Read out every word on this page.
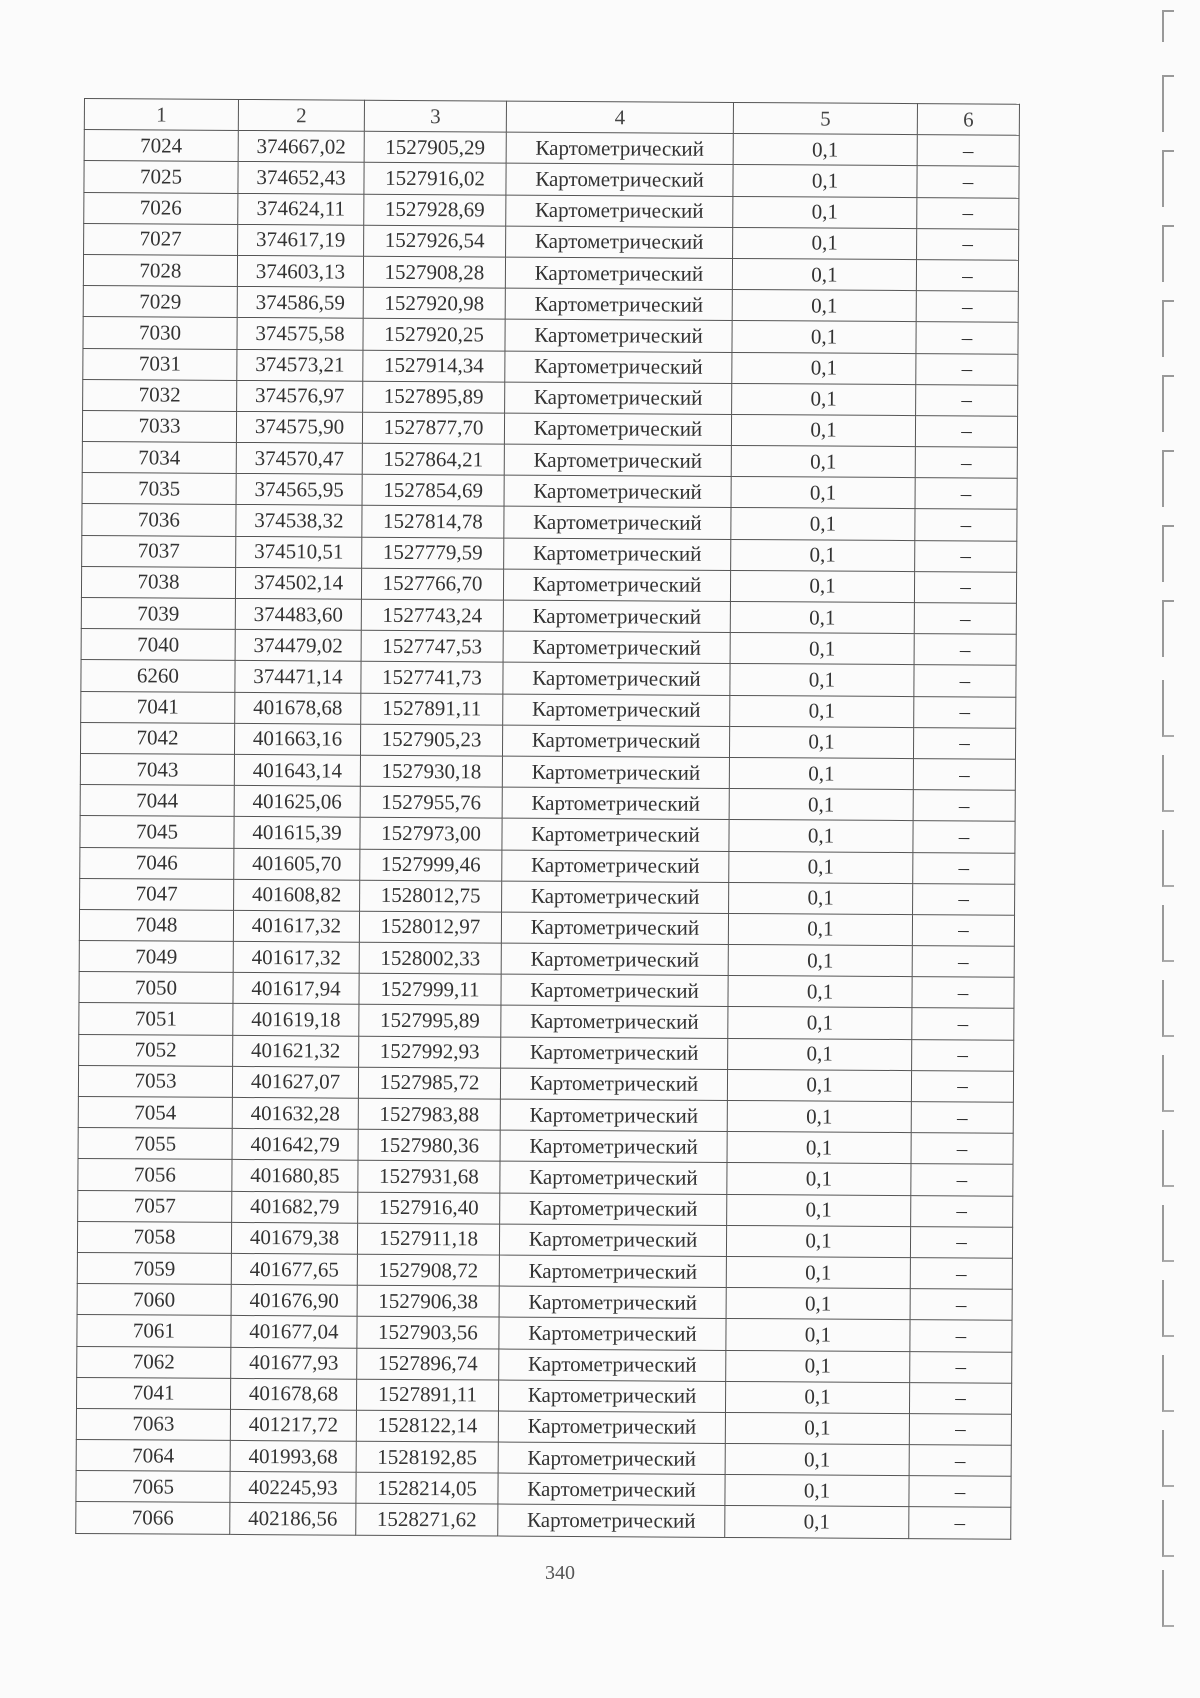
1	2	3	4	5	6
7024	374667,02	1527905,29	Картометрический	0,1	–
7025	374652,43	1527916,02	Картометрический	0,1	–
7026	374624,11	1527928,69	Картометрический	0,1	–
7027	374617,19	1527926,54	Картометрический	0,1	–
7028	374603,13	1527908,28	Картометрический	0,1	–
7029	374586,59	1527920,98	Картометрический	0,1	–
7030	374575,58	1527920,25	Картометрический	0,1	–
7031	374573,21	1527914,34	Картометрический	0,1	–
7032	374576,97	1527895,89	Картометрический	0,1	–
7033	374575,90	1527877,70	Картометрический	0,1	–
7034	374570,47	1527864,21	Картометрический	0,1	–
7035	374565,95	1527854,69	Картометрический	0,1	–
7036	374538,32	1527814,78	Картометрический	0,1	–
7037	374510,51	1527779,59	Картометрический	0,1	–
7038	374502,14	1527766,70	Картометрический	0,1	–
7039	374483,60	1527743,24	Картометрический	0,1	–
7040	374479,02	1527747,53	Картометрический	0,1	–
6260	374471,14	1527741,73	Картометрический	0,1	–
7041	401678,68	1527891,11	Картометрический	0,1	–
7042	401663,16	1527905,23	Картометрический	0,1	–
7043	401643,14	1527930,18	Картометрический	0,1	–
7044	401625,06	1527955,76	Картометрический	0,1	–
7045	401615,39	1527973,00	Картометрический	0,1	–
7046	401605,70	1527999,46	Картометрический	0,1	–
7047	401608,82	1528012,75	Картометрический	0,1	–
7048	401617,32	1528012,97	Картометрический	0,1	–
7049	401617,32	1528002,33	Картометрический	0,1	–
7050	401617,94	1527999,11	Картометрический	0,1	–
7051	401619,18	1527995,89	Картометрический	0,1	–
7052	401621,32	1527992,93	Картометрический	0,1	–
7053	401627,07	1527985,72	Картометрический	0,1	–
7054	401632,28	1527983,88	Картометрический	0,1	–
7055	401642,79	1527980,36	Картометрический	0,1	–
7056	401680,85	1527931,68	Картометрический	0,1	–
7057	401682,79	1527916,40	Картометрический	0,1	–
7058	401679,38	1527911,18	Картометрический	0,1	–
7059	401677,65	1527908,72	Картометрический	0,1	–
7060	401676,90	1527906,38	Картометрический	0,1	–
7061	401677,04	1527903,56	Картометрический	0,1	–
7062	401677,93	1527896,74	Картометрический	0,1	–
7041	401678,68	1527891,11	Картометрический	0,1	–
7063	401217,72	1528122,14	Картометрический	0,1	–
7064	401993,68	1528192,85	Картометрический	0,1	–
7065	402245,93	1528214,05	Картометрический	0,1	–
7066	402186,56	1528271,62	Картометрический	0,1	–
340
